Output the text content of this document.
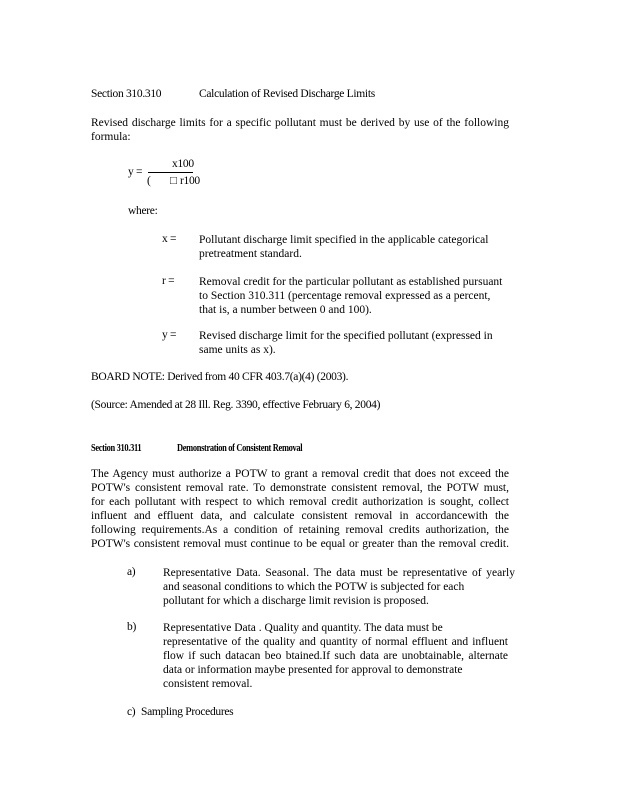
Section 310.310	Calculation of Revised Discharge Limits
Revised discharge limits for a specific pollutant must be derived by use of the following
formula:
y =
x100
( □ r100
where:
x = Pollutant discharge limit specified in the applicable categorical
pretreatment standard.
r = Removal credit for the particular pollutant as established pursuant
to Section 310.311 (percentage removal expressed as a percent,
that is, a number between 0 and 100).
y = Revised discharge limit for the specified pollutant (expressed in
same units as x).
BOARD NOTE: Derived from 40 CFR 403.7(a)(4) (2003).
(Source: Amended at 28 Ill. Reg. 3390, effective February 6, 2004)
Section 310.311	Demonstration of Consistent Removal
The Agency must authorize a POTW to grant a removal credit that does not exceed the
POTW's consistent removal rate. To demonstrate consistent removal, the POTW must,
for each pollutant with respect to which removal credit authorization is sought, collect
influent and effluent data, and calculate consistent removal in accordancewith the
following requirements.As a condition of retaining removal credits authorization, the
POTW's consistent removal must continue to be equal or greater than the removal credit.
a) Representative Data. Seasonal. The data must be representative of yearly
and seasonal conditions to which the POTW is subjected for each
pollutant for which a discharge limit revision is proposed.
b) Representative Data . Quality and quantity. The data must be
representative of the quality and quantity of normal effluent and influent
flow if such datacan beo btained.If such data are unobtainable, alternate
data or information maybe presented for approval to demonstrate
consistent removal.
c) Sampling Procedures
